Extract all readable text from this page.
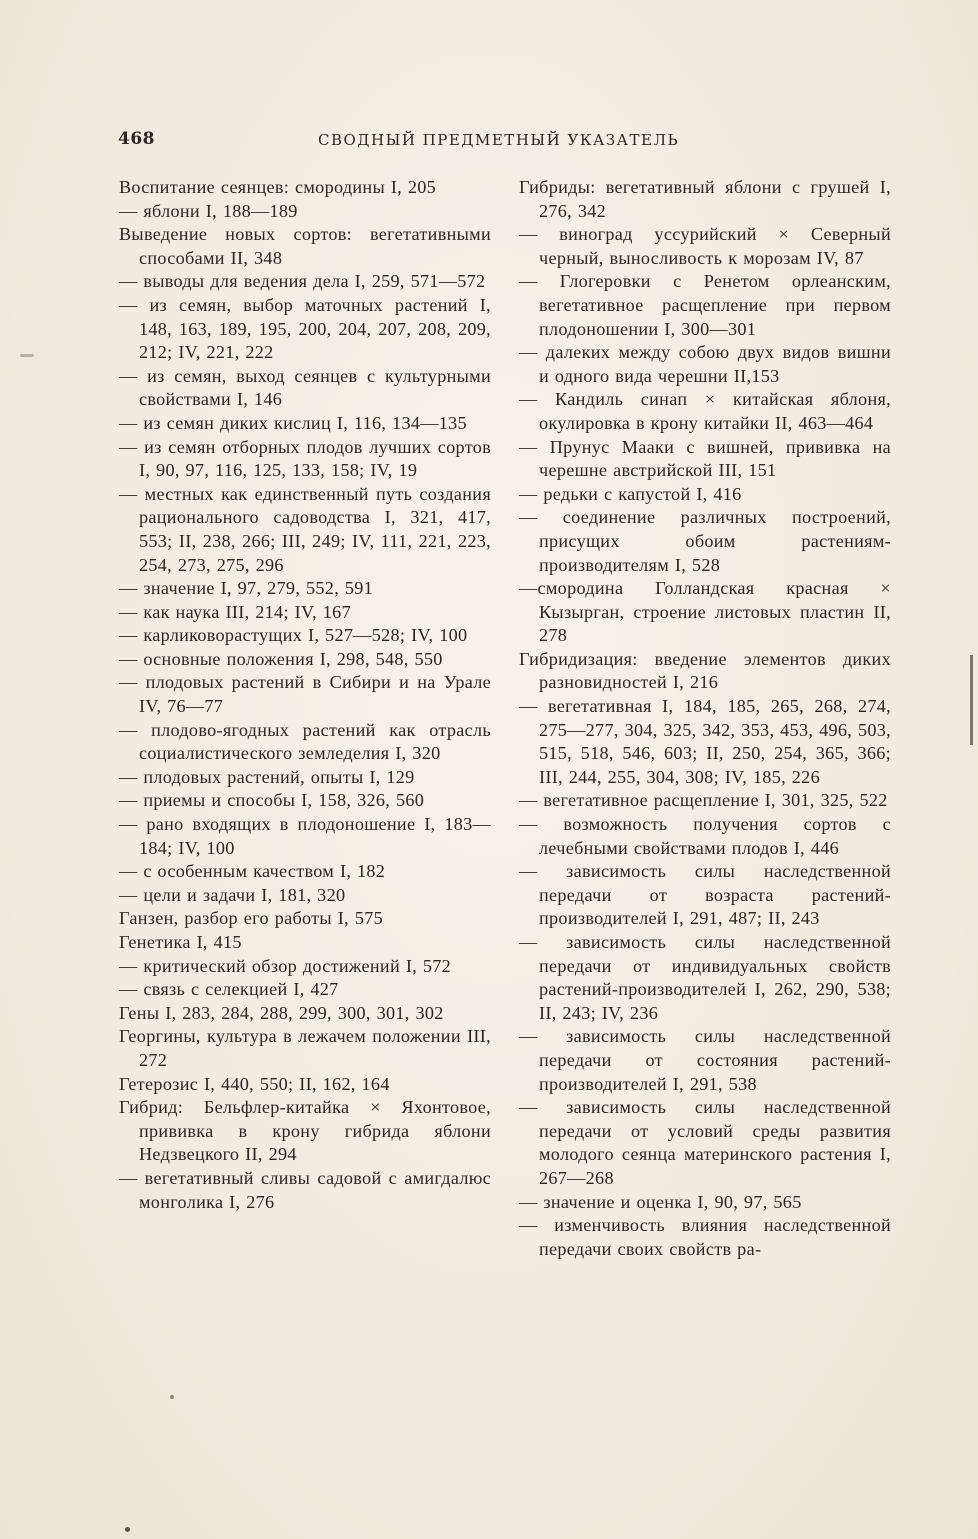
468	СВОДНЫЙ ПРЕДМЕТНЫЙ УКАЗАТЕЛЬ

Воспитание сеянцев: смородины I, 205

— яблони I, 188—189

Выведение новых сортов: вегетативными способами II, 348

— выводы для ведения дела I, 259, 571—572

— из семян, выбор маточных растений I, 148, 163, 189, 195, 200, 204, 207, 208, 209, 212; IV, 221, 222

— из семян, выход сеянцев с культурными свойствами I, 146

— из семян диких кислиц I, 116, 134—135

— из семян отборных плодов лучших сортов I, 90, 97, 116, 125, 133, 158; IV, 19

— местных как единственный путь создания рационального садоводства I, 321, 417, 553; II, 238, 266; III, 249; IV, 111, 221, 223, 254, 273, 275, 296

— значение I, 97, 279, 552, 591

— как наука III, 214; IV, 167

— карликоворастущих I, 527—528; IV, 100

— основные положения I, 298, 548, 550

— плодовых растений в Сибири и на Урале IV, 76—77

— плодово-ягодных растений как отрасль социалистического земледелия I, 320

— плодовых растений, опыты I, 129

— приемы и способы I, 158, 326, 560

— рано входящих в плодоношение I, 183—184; IV, 100

— с особенным качеством I, 182

— цели и задачи I, 181, 320

Ганзен, разбор его работы I, 575

Генетика I, 415

— критический обзор достижений I, 572

— связь с селекцией I, 427

Гены I, 283, 284, 288, 299, 300, 301, 302

Георгины, культура в лежачем положении III, 272

Гетерозис I, 440, 550; II, 162, 164

Гибрид: Бельфлер-китайка × Яхонтовое, прививка в крону гибрида яблони Недзвецкого II, 294

— вегетативный сливы садовой с амигдалюс монголика I, 276

Гибриды: вегетативный яблони с грушей I, 276, 342

— виноград уссурийский × Северный черный, выносливость к морозам IV, 87

— Глогеровки с Ренетом орлеанским, вегетативное расщепление при первом плодоношении I, 300—301

— далеких между собою двух видов вишни и одного вида черешни II,153

— Кандиль синап × китайская яблоня, окулировка в крону китайки II, 463—464

— Прунус Мааки с вишней, прививка на черешне австрийской III, 151

— редьки с капустой I, 416

— соединение различных построений, присущих обоим растениям-производителям I, 528

—смородина Голландская красная × Кызырган, строение листовых пластин II, 278

Гибридизация: введение элементов диких разновидностей I, 216

— вегетативная I, 184, 185, 265, 268, 274, 275—277, 304, 325, 342, 353, 453, 496, 503, 515, 518, 546, 603; II, 250, 254, 365, 366; III, 244, 255, 304, 308; IV, 185, 226

— вегетативное расщепление I, 301, 325, 522

— возможность получения сортов с лечебными свойствами плодов I, 446

— зависимость силы наследственной передачи от возраста растений-производителей I, 291, 487; II, 243

— зависимость силы наследственной передачи от индивидуальных свойств растений-производителей I, 262, 290, 538; II, 243; IV, 236

— зависимость силы наследственной передачи от состояния растений-производителей I, 291, 538

— зависимость силы наследственной передачи от условий среды развития молодого сеянца материнского растения I, 267—268

— значение и оценка I, 90, 97, 565

— изменчивость влияния наследственной передачи своих свойств ра-
